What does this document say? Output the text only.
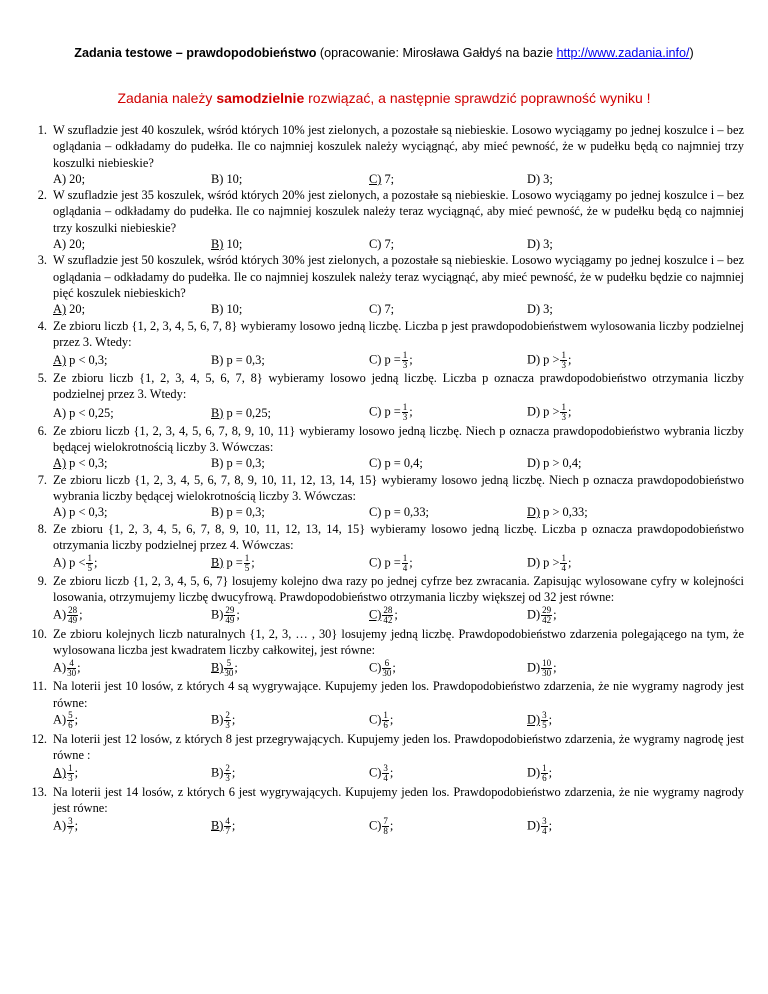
Zadania testowe – prawdopodobieństwo (opracowanie: Mirosława Gałdyś na bazie http://www.zadania.info/)
Zadania należy samodzielnie rozwiązać, a następnie sprawdzić poprawność wyniku !
1. W szufladzie jest 40 koszulek, wśród których 10% jest zielonych, a pozostałe są niebieskie. Losowo wyciągamy po jednej koszulce i – bez oglądania – odkładamy do pudełka. Ile co najmniej koszulek należy wyciągnąć, aby mieć pewność, że w pudełku będą co najmniej trzy koszulki niebieskie?
A) 20;	B) 10;	C) 7;	D) 3;
2. W szufladzie jest 35 koszulek, wśród których 20% jest zielonych, a pozostałe są niebieskie. Losowo wyciągamy po jednej koszulce i – bez oglądania – odkładamy do pudełka. Ile co najmniej koszulek należy teraz wyciągnąć, aby mieć pewność, że w pudełku będą co najmniej trzy koszulki niebieskie?
A) 20;	B) 10;	C) 7;	D) 3;
3. W szufladzie jest 50 koszulek, wśród których 30% jest zielonych, a pozostałe są niebieskie. Losowo wyciągamy po jednej koszulce i – bez oglądania – odkładamy do pudełka. Ile co najmniej koszulek należy teraz wyciągnąć, aby mieć pewność, że w pudełku będzie co najmniej pięć koszulek niebieskich?
A) 20;	B) 10;	C) 7;	D) 3;
4. Ze zbioru liczb {1, 2, 3, 4, 5, 6, 7, 8} wybieramy losowo jedną liczbę. Liczba p jest prawdopodobieństwem wylosowania liczby podzielnej przez 3. Wtedy:
A) p < 0,3;	B) p = 0,3;	C) $p = \frac{1}{3}$ ;	D) $p > \frac{1}{3}$ ;
5. Ze zbioru liczb {1, 2, 3, 4, 5, 6, 7, 8} wybieramy losowo jedną liczbę. Liczba p oznacza prawdopodobieństwo otrzymania liczby podzielnej przez 3. Wtedy:
A) p < 0,25;	B) p = 0,25;	C) $p = \frac{1}{3}$ ;	D) $p > \frac{1}{3}$ ;
6. Ze zbioru liczb {1, 2, 3, 4, 5, 6, 7, 8, 9, 10, 11} wybieramy losowo jedną liczbę. Niech p oznacza prawdopodobieństwo wybrania liczby będącej wielokrotnością liczby 3. Wówczas:
A) p < 0,3;	B) p = 0,3;	C) p = 0,4;	D) p > 0,4;
7. Ze zbioru liczb {1, 2, 3, 4, 5, 6, 7, 8, 9, 10, 11, 12, 13, 14, 15} wybieramy losowo jedną liczbę. Niech p oznacza prawdopodobieństwo wybrania liczby będącej wielokrotnością liczby 3. Wówczas:
A) p < 0,3;	B) p = 0,3;	C) p = 0,33;	D) p > 0,33;
8. Ze zbioru {1, 2, 3, 4, 5, 6, 7, 8, 9, 10, 11, 12, 13, 14, 15} wybieramy losowo jedną liczbę. Liczba p oznacza prawdopodobieństwo otrzymania liczby podzielnej przez 4. Wówczas:
A) $p < \frac{1}{5}$ ;	B) $p = \frac{1}{5}$ ;	C) $p = \frac{1}{4}$ ;	D) $p > \frac{1}{4}$ ;
9. Ze zbioru liczb {1, 2, 3, 4, 5, 6, 7} losujemy kolejno dwa razy po jednej cyfrze bez zwracania. Zapisując wylosowane cyfry w kolejności losowania, otrzymujemy liczbę dwucyfrową. Prawdopodobieństwo otrzymania liczby większej od 32 jest równe:
$A) \frac{28}{49}$ ;	$B) \frac{29}{49}$ ;	$C) \frac{28}{42}$ ;	$D) \frac{29}{42}$ ;
10. Ze zbioru kolejnych liczb naturalnych {1, 2, 3, … , 30} losujemy jedną liczbę. Prawdopodobieństwo zdarzenia polegającego na tym, że wylosowana liczba jest kwadratem liczby całkowitej, jest równe:
$A) \frac{4}{30}$ ;	$B) \frac{5}{30}$ ;	$C) \frac{6}{30}$ ;	$D) \frac{10}{30}$ ;
11. Na loterii jest 10 losów, z których 4 są wygrywające. Kupujemy jeden los. Prawdopodobieństwo zdarzenia, że nie wygramy nagrody jest równe:
$A) \frac{5}{6}$ ;	$B) \frac{2}{3}$ ;	$C) \frac{1}{6}$ ;	$D) \frac{3}{5}$ ;
12. Na loterii jest 12 losów, z których 8 jest przegrywających. Kupujemy jeden los. Prawdopodobieństwo zdarzenia, że wygramy nagrodę jest równe :
$A) \frac{1}{3}$ ;	$B) \frac{2}{3}$ ;	$C) \frac{3}{4}$ ;	$D) \frac{1}{6}$ ;
13. Na loterii jest 14 losów, z których 6 jest wygrywających. Kupujemy jeden los. Prawdopodobieństwo zdarzenia, że nie wygramy nagrody jest równe:
$A) \frac{3}{7}$ ;	$B) \frac{4}{7}$ ;	$C) \frac{7}{8}$ ;	$D) \frac{3}{4}$ ;
